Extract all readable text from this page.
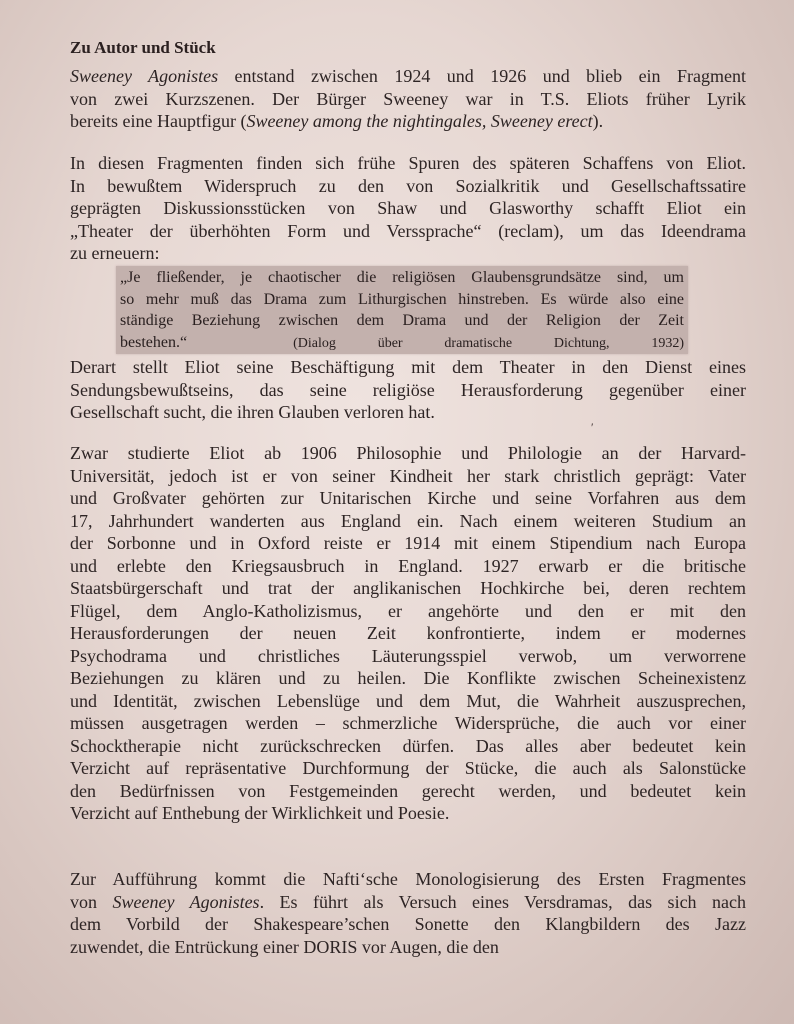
Zu Autor und Stück
Sweeney Agonistes entstand zwischen 1924 und 1926 und blieb ein Fragment
von zwei Kurzszenen. Der Bürger Sweeney war in T.S. Eliots früher Lyrik
bereits eine Hauptfigur (Sweeney among the nightingales, Sweeney erect).
In diesen Fragmenten finden sich frühe Spuren des späteren Schaffens von Eliot.
In bewußtem Widerspruch zu den von Sozialkritik und Gesellschaftssatire
geprägten Diskussionsstücken von Shaw und Glasworthy schafft Eliot ein
„Theater der überhöhten Form und Verssprache“ (reclam), um das Ideendrama
zu erneuern:
„Je fließender, je chaotischer die religiösen Glaubensgrundsätze sind, um
so mehr muß das Drama zum Lithurgischen hinstreben. Es würde also eine
ständige Beziehung zwischen dem Drama und der Religion der Zeit
bestehen.“	(Dialog über dramatische Dichtung, 1932)
Derart stellt Eliot seine Beschäftigung mit dem Theater in den Dienst eines
Sendungsbewußtseins, das seine religiöse Herausforderung gegenüber einer
Gesellschaft sucht, die ihren Glauben verloren hat.
′
Zwar studierte Eliot ab 1906 Philosophie und Philologie an der Harvard-
Universität, jedoch ist er von seiner Kindheit her stark christlich geprägt: Vater
und Großvater gehörten zur Unitarischen Kirche und seine Vorfahren aus dem
17, Jahrhundert wanderten aus England ein. Nach einem weiteren Studium an
der Sorbonne und in Oxford reiste er 1914 mit einem Stipendium nach Europa
und erlebte den Kriegsausbruch in England. 1927 erwarb er die britische
Staatsbürgerschaft und trat der anglikanischen Hochkirche bei, deren rechtem
Flügel, dem Anglo-Katholizismus, er angehörte und den er mit den
Herausforderungen der neuen Zeit konfrontierte, indem er modernes
Psychodrama und christliches Läuterungsspiel verwob, um verworrene
Beziehungen zu klären und zu heilen. Die Konflikte zwischen Scheinexistenz
und Identität, zwischen Lebenslüge und dem Mut, die Wahrheit auszusprechen,
müssen ausgetragen werden – schmerzliche Widersprüche, die auch vor einer
Schocktherapie nicht zurückschrecken dürfen. Das alles aber bedeutet kein
Verzicht auf repräsentative Durchformung der Stücke, die auch als Salonstücke
den Bedürfnissen von Festgemeinden gerecht werden, und bedeutet kein
Verzicht auf Enthebung der Wirklichkeit und Poesie.
Zur Aufführung kommt die Nafti‘sche Monologisierung des Ersten Fragmentes
von Sweeney Agonistes. Es führt als Versuch eines Versdramas, das sich nach
dem Vorbild der Shakespeare’schen Sonette den Klangbildern des Jazz
zuwendet, die Entrückung einer DORIS vor Augen, die den
